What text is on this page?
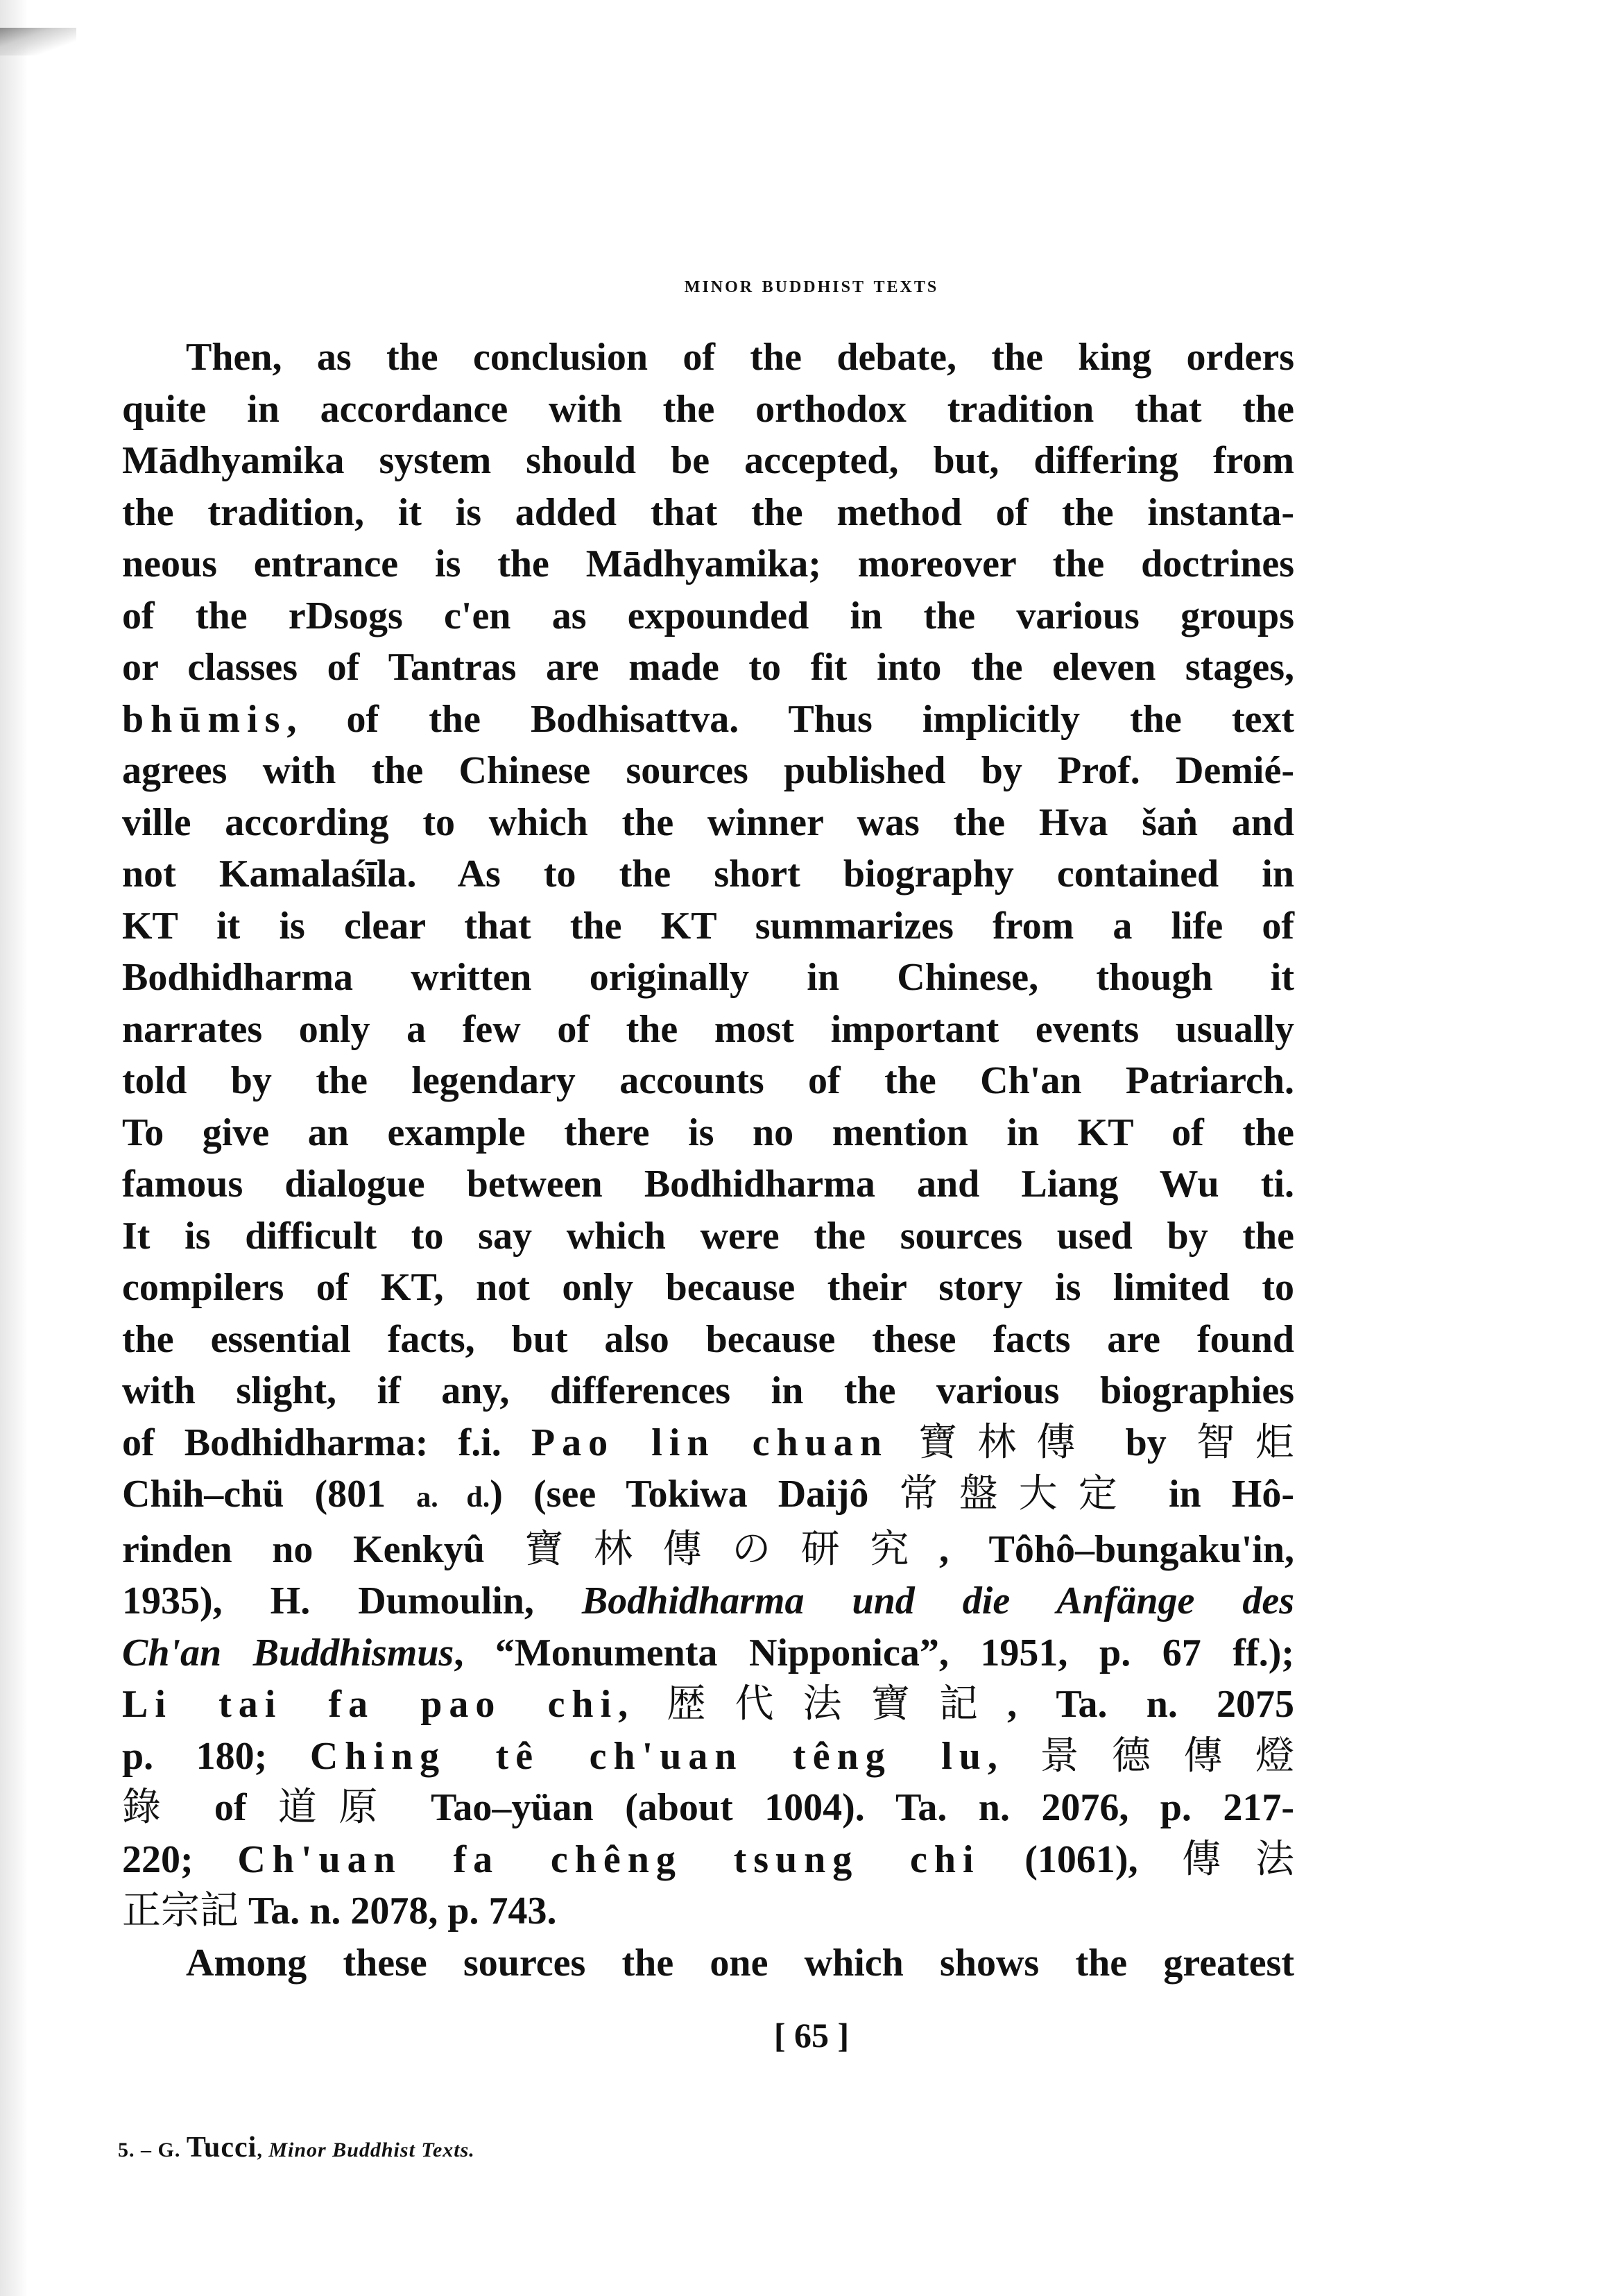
minor buddhist texts
Then, as the conclusion of the debate, the king orders
quite in accordance with the orthodox tradition that the
Mādhyamika system should be accepted, but, differing from
the tradition, it is added that the method of the instanta-
neous entrance is the Mādhyamika; moreover the doctrines
of the rDsogs c'en as expounded in the various groups
or classes of Tantras are made to fit into the eleven stages,
bhūmis, of the Bodhisattva. Thus implicitly the text
agrees with the Chinese sources published by Prof. Demié-
ville according to which the winner was the Hva šaṅ and
not Kamalaśīla. As to the short biography contained in
KT it is clear that the KT summarizes from a life of
Bodhidharma written originally in Chinese, though it
narrates only a few of the most important events usually
told by the legendary accounts of the Ch'an Patriarch.
To give an example there is no mention in KT of the
famous dialogue between Bodhidharma and Liang Wu ti.
It is difficult to say which were the sources used by the
compilers of KT, not only because their story is limited to
the essential facts, but also because these facts are found
with slight, if any, differences in the various biographies
of Bodhidharma: f.i. Pao lin chuan 寶林傳 by 智炬
Chih–chü (801 a. d.) (see Tokiwa Daijô 常盤大定 in Hô-
rinden no Kenkyû 寶林傳の研究, Tôhô–bungaku'in,
1935), H. Dumoulin, Bodhidharma und die Anfänge des
Ch'an Buddhismus, “Monumenta Nipponica”, 1951, p. 67 ff.);
Li tai fa pao chi, 歴代法寶記, Ta. n. 2075
p. 180; Ching tê ch'uan têng lu, 景德傳燈
錄 of 道原 Tao–yüan (about 1004). Ta. n. 2076, p. 217-
220; Ch'uan fa chêng tsung chi (1061), 傳法
正宗記 Ta. n. 2078, p. 743.
Among these sources the one which shows the greatest
[ 65 ]
5. – G. Tucci, Minor Buddhist Texts.
